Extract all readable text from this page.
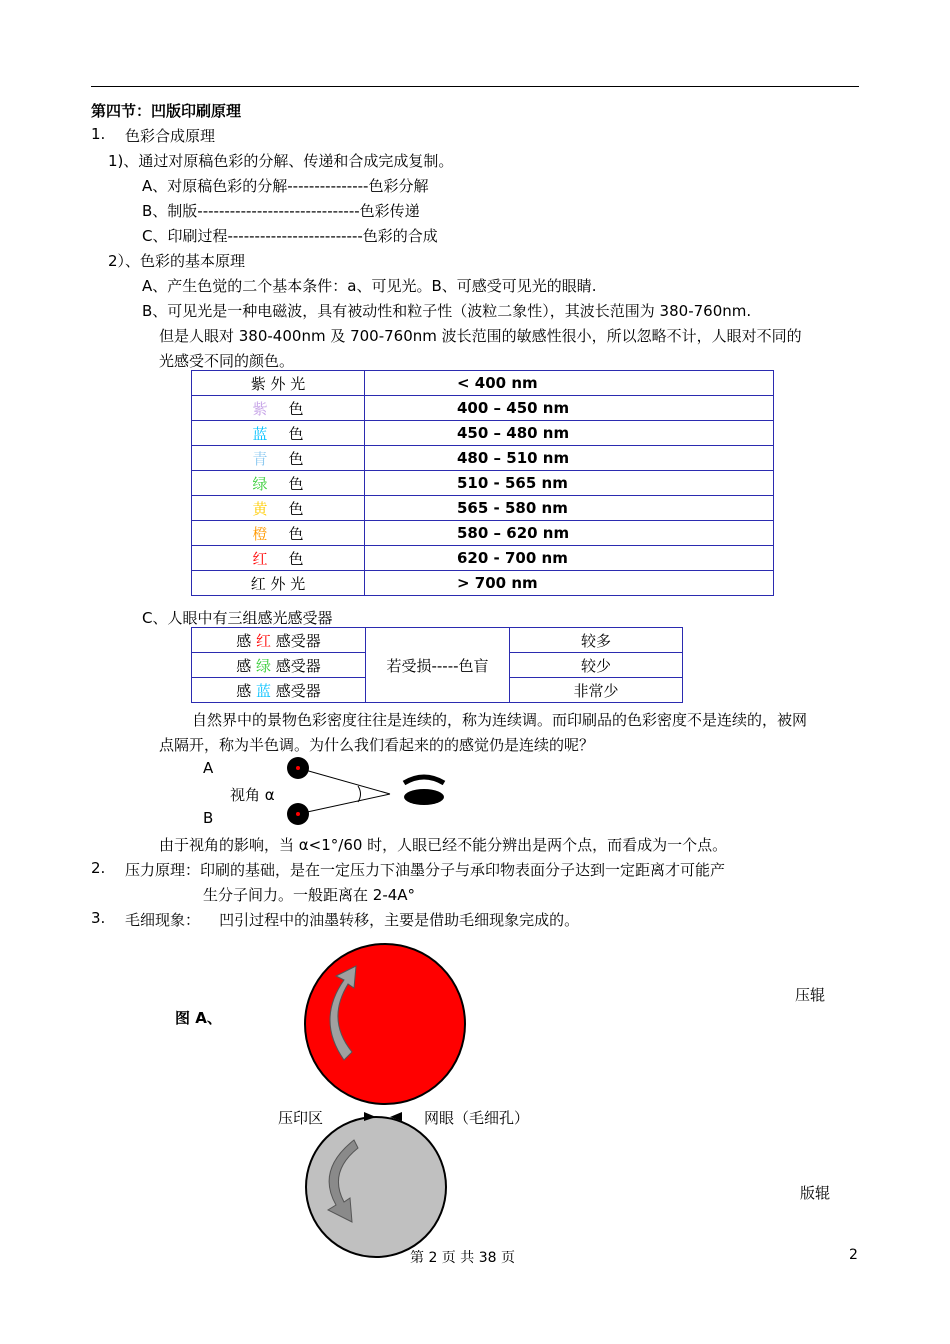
第四节：凹版印刷原理
1. 色彩合成原理
1)、通过对原稿色彩的分解、传递和合成完成复制。
A、对原稿色彩的分解---------------色彩分解
B、制版------------------------------色彩传递
C、印刷过程-------------------------色彩的合成
2）、色彩的基本原理
A、产生色觉的二个基本条件：a、可见光。B、可感受可见光的眼睛.
B、可见光是一种电磁波，具有被动性和粒子性（波粒二象性），其波长范围为 380-760nm.
但是人眼对 380-400nm 及 700-760nm 波长范围的敏感性很小，所以忽略不计，人眼对不同的
光感受不同的颜色。
紫 外 光	< 400 nm
紫 色	400 – 450 nm
蓝 色	450 – 480 nm
青 色	480 – 510 nm
绿 色	510 - 565 nm
黄 色	565 - 580 nm
橙 色	580 – 620 nm
红 色	620 - 700 nm
红 外 光	> 700 nm
C、人眼中有三组感光感受器
感 红 感受器	若受损-----色盲	较多
感 绿 感受器		较少
感 蓝 感受器		非常少
自然界中的景物色彩密度往往是连续的，称为连续调。而印刷品的色彩密度不是连续的，被网
点隔开，称为半色调。为什么我们看起来的的感觉仍是连续的呢？
A
视角 α
B
由于视角的影响，当 α<1°/60 时，人眼已经不能分辨出是两个点，而看成为一个点。
2. 压力原理：印刷的基础，是在一定压力下油墨分子与承印物表面分子达到一定距离才可能产
生分子间力。一般距离在 2-4A°
3. 毛细现象：    凹引过程中的油墨转移，主要是借助毛细现象完成的。
图 A、
压辊
压印区	网眼（毛细孔）
版辊
第 2 页 共 38 页	2
